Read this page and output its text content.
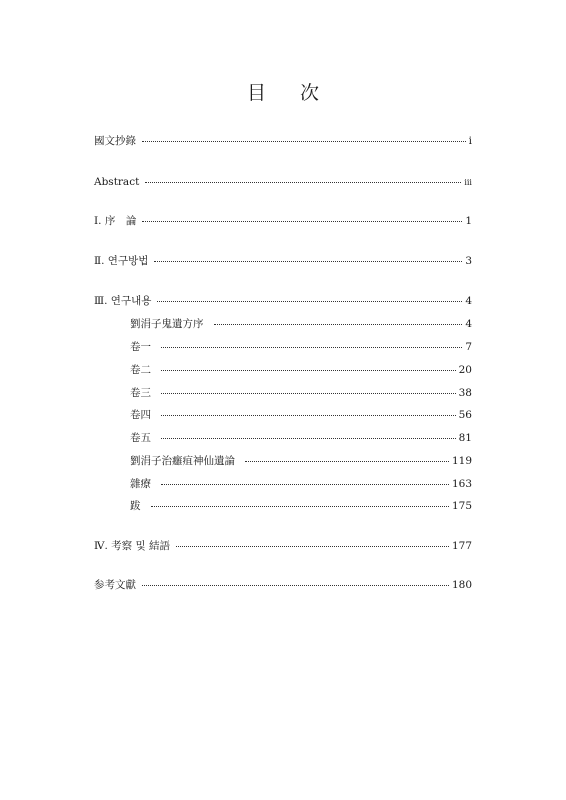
目 次
國文抄錄	i
Abstract	iii
Ⅰ. 序　論	1
Ⅱ. 연구방법	3
Ⅲ. 연구내용	4
劉涓子鬼遺方序	4
卷一	7
卷二	20
卷三	38
卷四	56
卷五	81
劉涓子治癰疽神仙遺論	119
雜療	163
跋	175
Ⅳ. 考察 및 結語	177
参考文獻	180
